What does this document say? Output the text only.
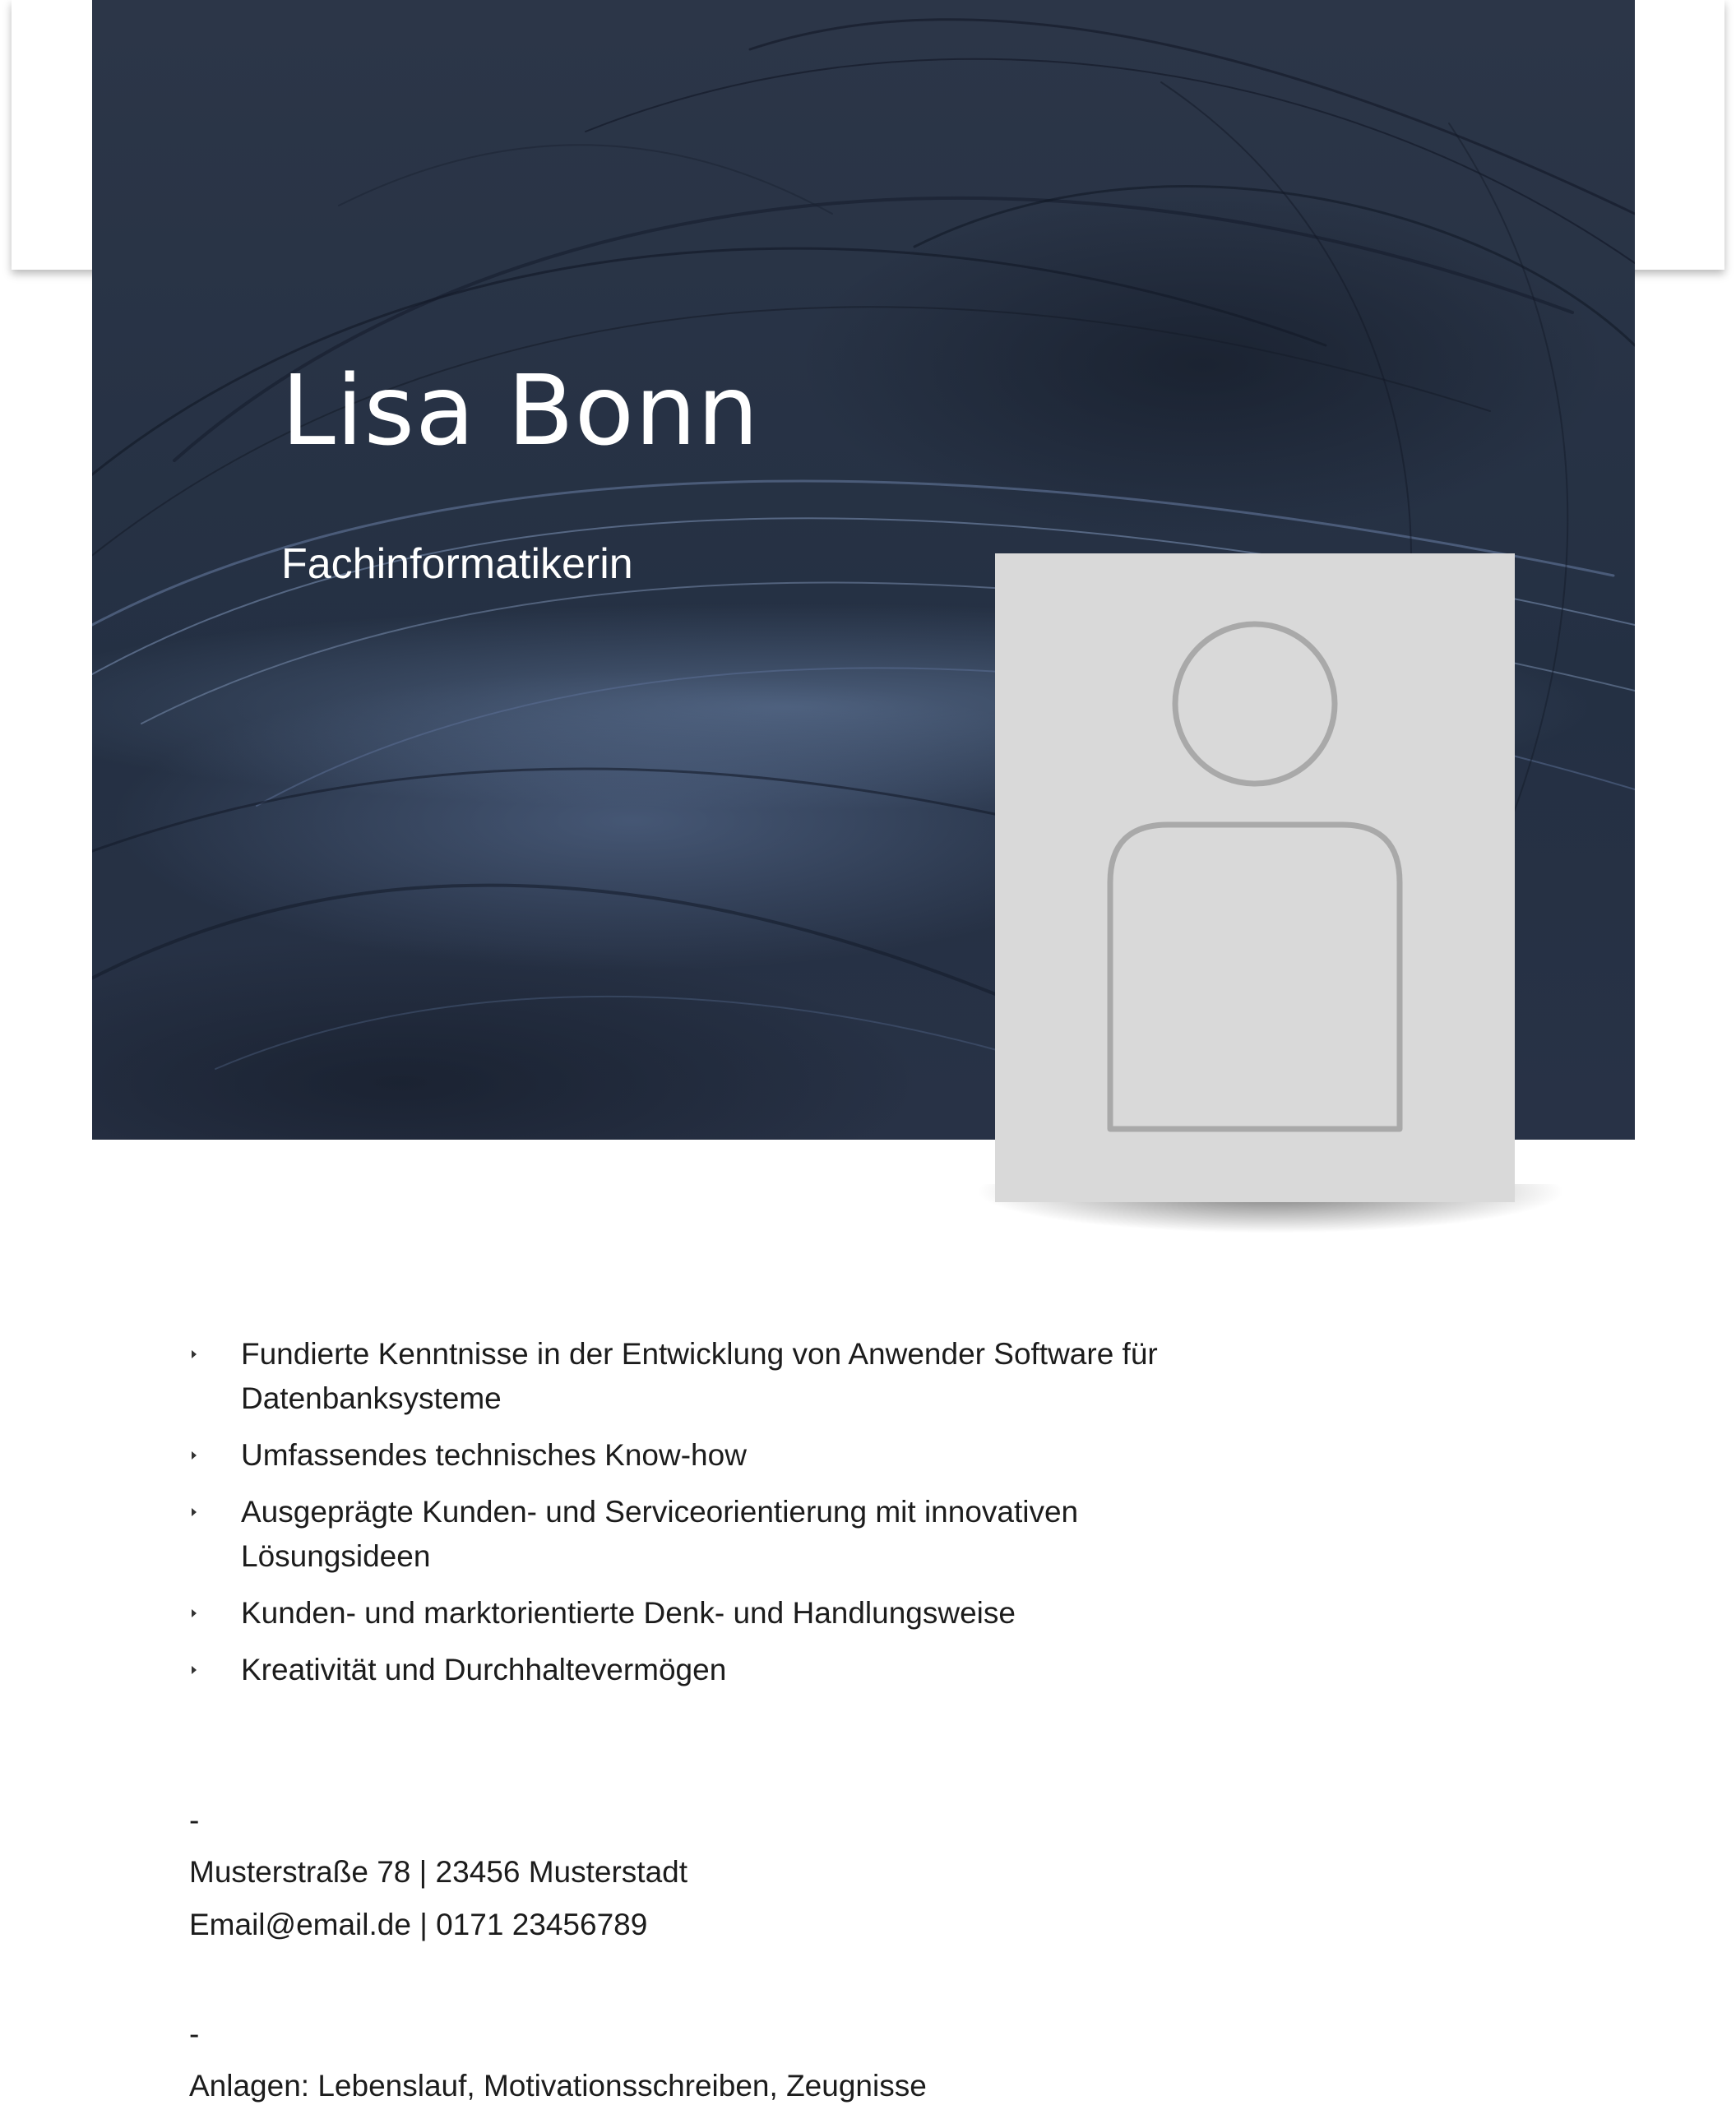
Lisa Bonn

Fachinformatikerin

Fundierte Kenntnisse in der Entwicklung von Anwender Software für Datenbanksysteme
Umfassendes technisches Know-how
Ausgeprägte Kunden- und Serviceorientierung mit innovativen Lösungsideen
Kunden- und marktorientierte Denk- und Handlungsweise
Kreativität und Durchhaltevermögen

-

Musterstraße 78 | 23456 Musterstadt

Email@email.de | 0171 23456789

-

Anlagen: Lebenslauf, Motivationsschreiben, Zeugnisse
